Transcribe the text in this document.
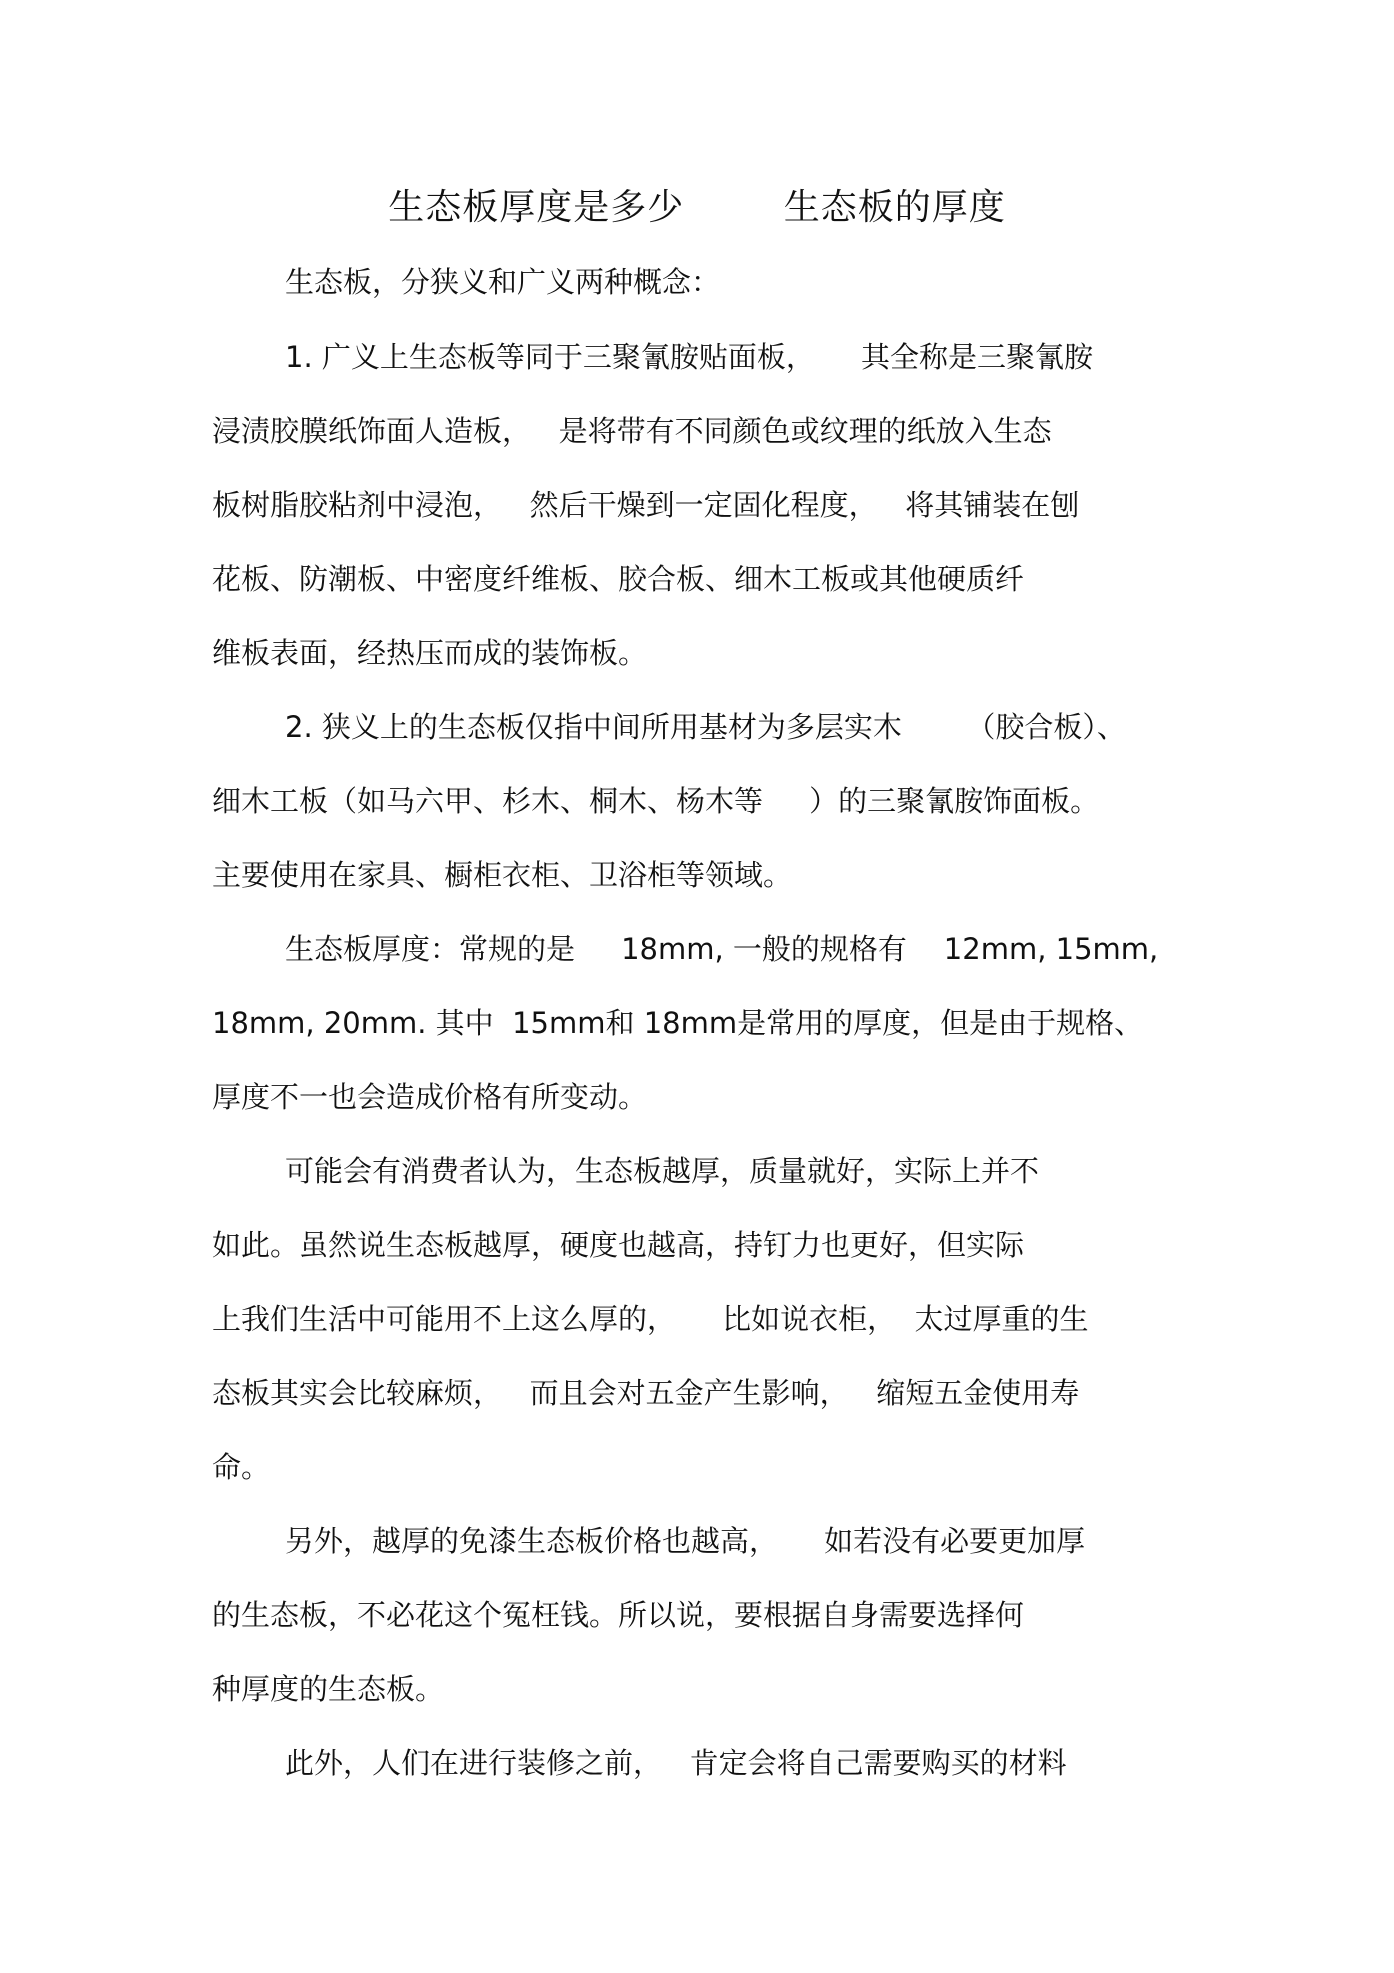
生态板厚度是多少        生态板的厚度

生态板，分狭义和广义两种概念：

1. 广义上生态板等同于三聚氰胺贴面板，     其全称是三聚氰胺

浸渍胶膜纸饰面人造板，   是将带有不同颜色或纹理的纸放入生态

板树脂胶粘剂中浸泡，   然后干燥到一定固化程度，   将其铺装在刨

花板、防潮板、中密度纤维板、胶合板、细木工板或其他硬质纤

维板表面，经热压而成的装饰板。

2. 狭义上的生态板仅指中间所用基材为多层实木       （胶合板）、

细木工板（如马六甲、杉木、桐木、杨木等     ）的三聚氰胺饰面板。

主要使用在家具、橱柜衣柜、卫浴柜等领域。

生态板厚度：常规的是     18mm, 一般的规格有    12mm, 15mm,

18mm, 20mm. 其中  15mm和 18mm是常用的厚度，但是由于规格、

厚度不一也会造成价格有所变动。

可能会有消费者认为，生态板越厚，质量就好，实际上并不

如此。虽然说生态板越厚，硬度也越高，持钉力也更好，但实际

上我们生活中可能用不上这么厚的，     比如说衣柜，  太过厚重的生

态板其实会比较麻烦，   而且会对五金产生影响，   缩短五金使用寿

命。

另外，越厚的免漆生态板价格也越高，     如若没有必要更加厚

的生态板，不必花这个冤枉钱。所以说，要根据自身需要选择何

种厚度的生态板。

此外，人们在进行装修之前，   肯定会将自己需要购买的材料
